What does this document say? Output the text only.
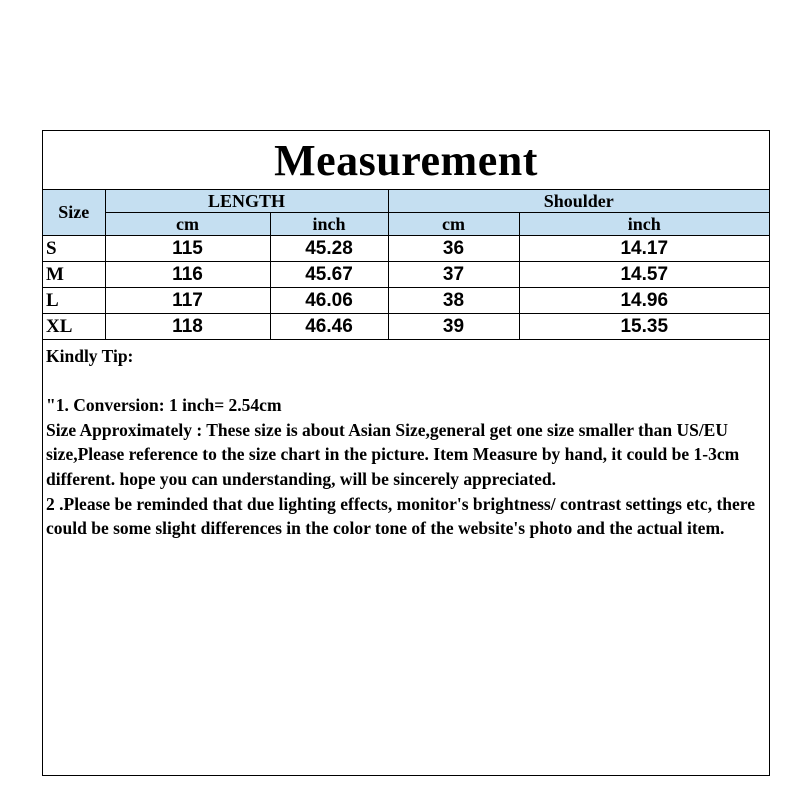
Measurement
Size	LENGTH		Shoulder	
	cm	inch	cm	inch
S	115	45.28	36	14.17
M	116	45.67	37	14.57
L	117	46.06	38	14.96
XL	118	46.46	39	15.35

Kindly Tip:

"1. Conversion: 1 inch= 2.54cm

Size Approximately : These size is about Asian Size,general get one size smaller than US/EU size,Please reference to the size chart in the picture. Item Measure by hand, it could be 1-3cm different. hope you can understanding, will be sincerely appreciated.

2 .Please be reminded that due lighting effects, monitor's brightness/ contrast settings etc, there could be some slight differences in the color tone of the website's photo and the actual item.
